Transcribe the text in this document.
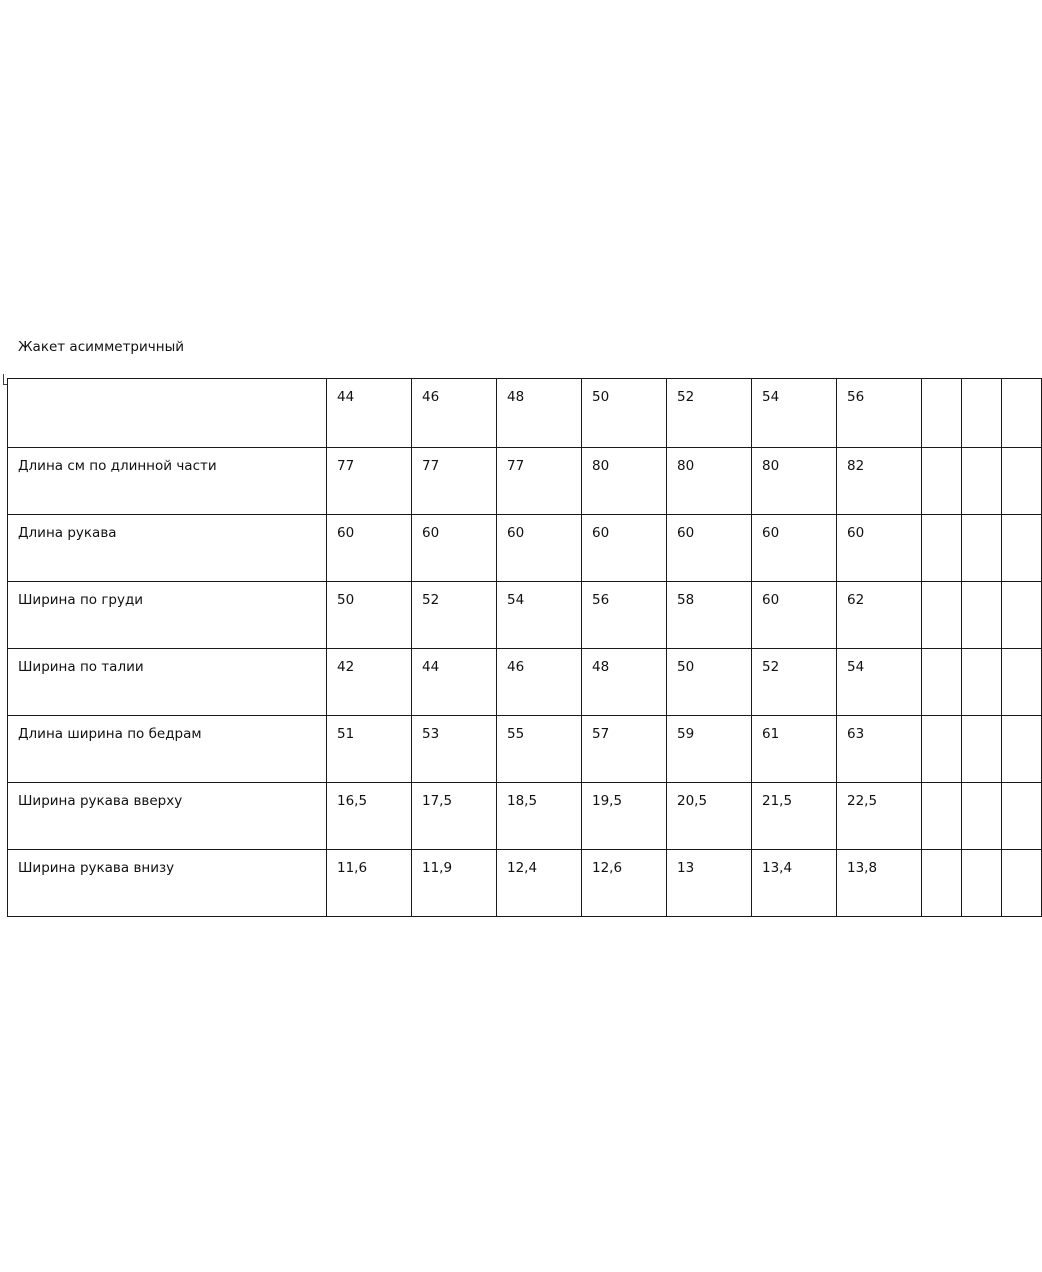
Жакет асимметричный
	44	46	48	50	52	54	56			
Длина см по длинной части	77	77	77	80	80	80	82			
Длина рукава	60	60	60	60	60	60	60			
Ширина по груди	50	52	54	56	58	60	62			
Ширина по талии	42	44	46	48	50	52	54			
Длина ширина по бедрам	51	53	55	57	59	61	63			
Ширина рукава вверху	16,5	17,5	18,5	19,5	20,5	21,5	22,5			
Ширина рукава внизу	11,6	11,9	12,4	12,6	13	13,4	13,8			
